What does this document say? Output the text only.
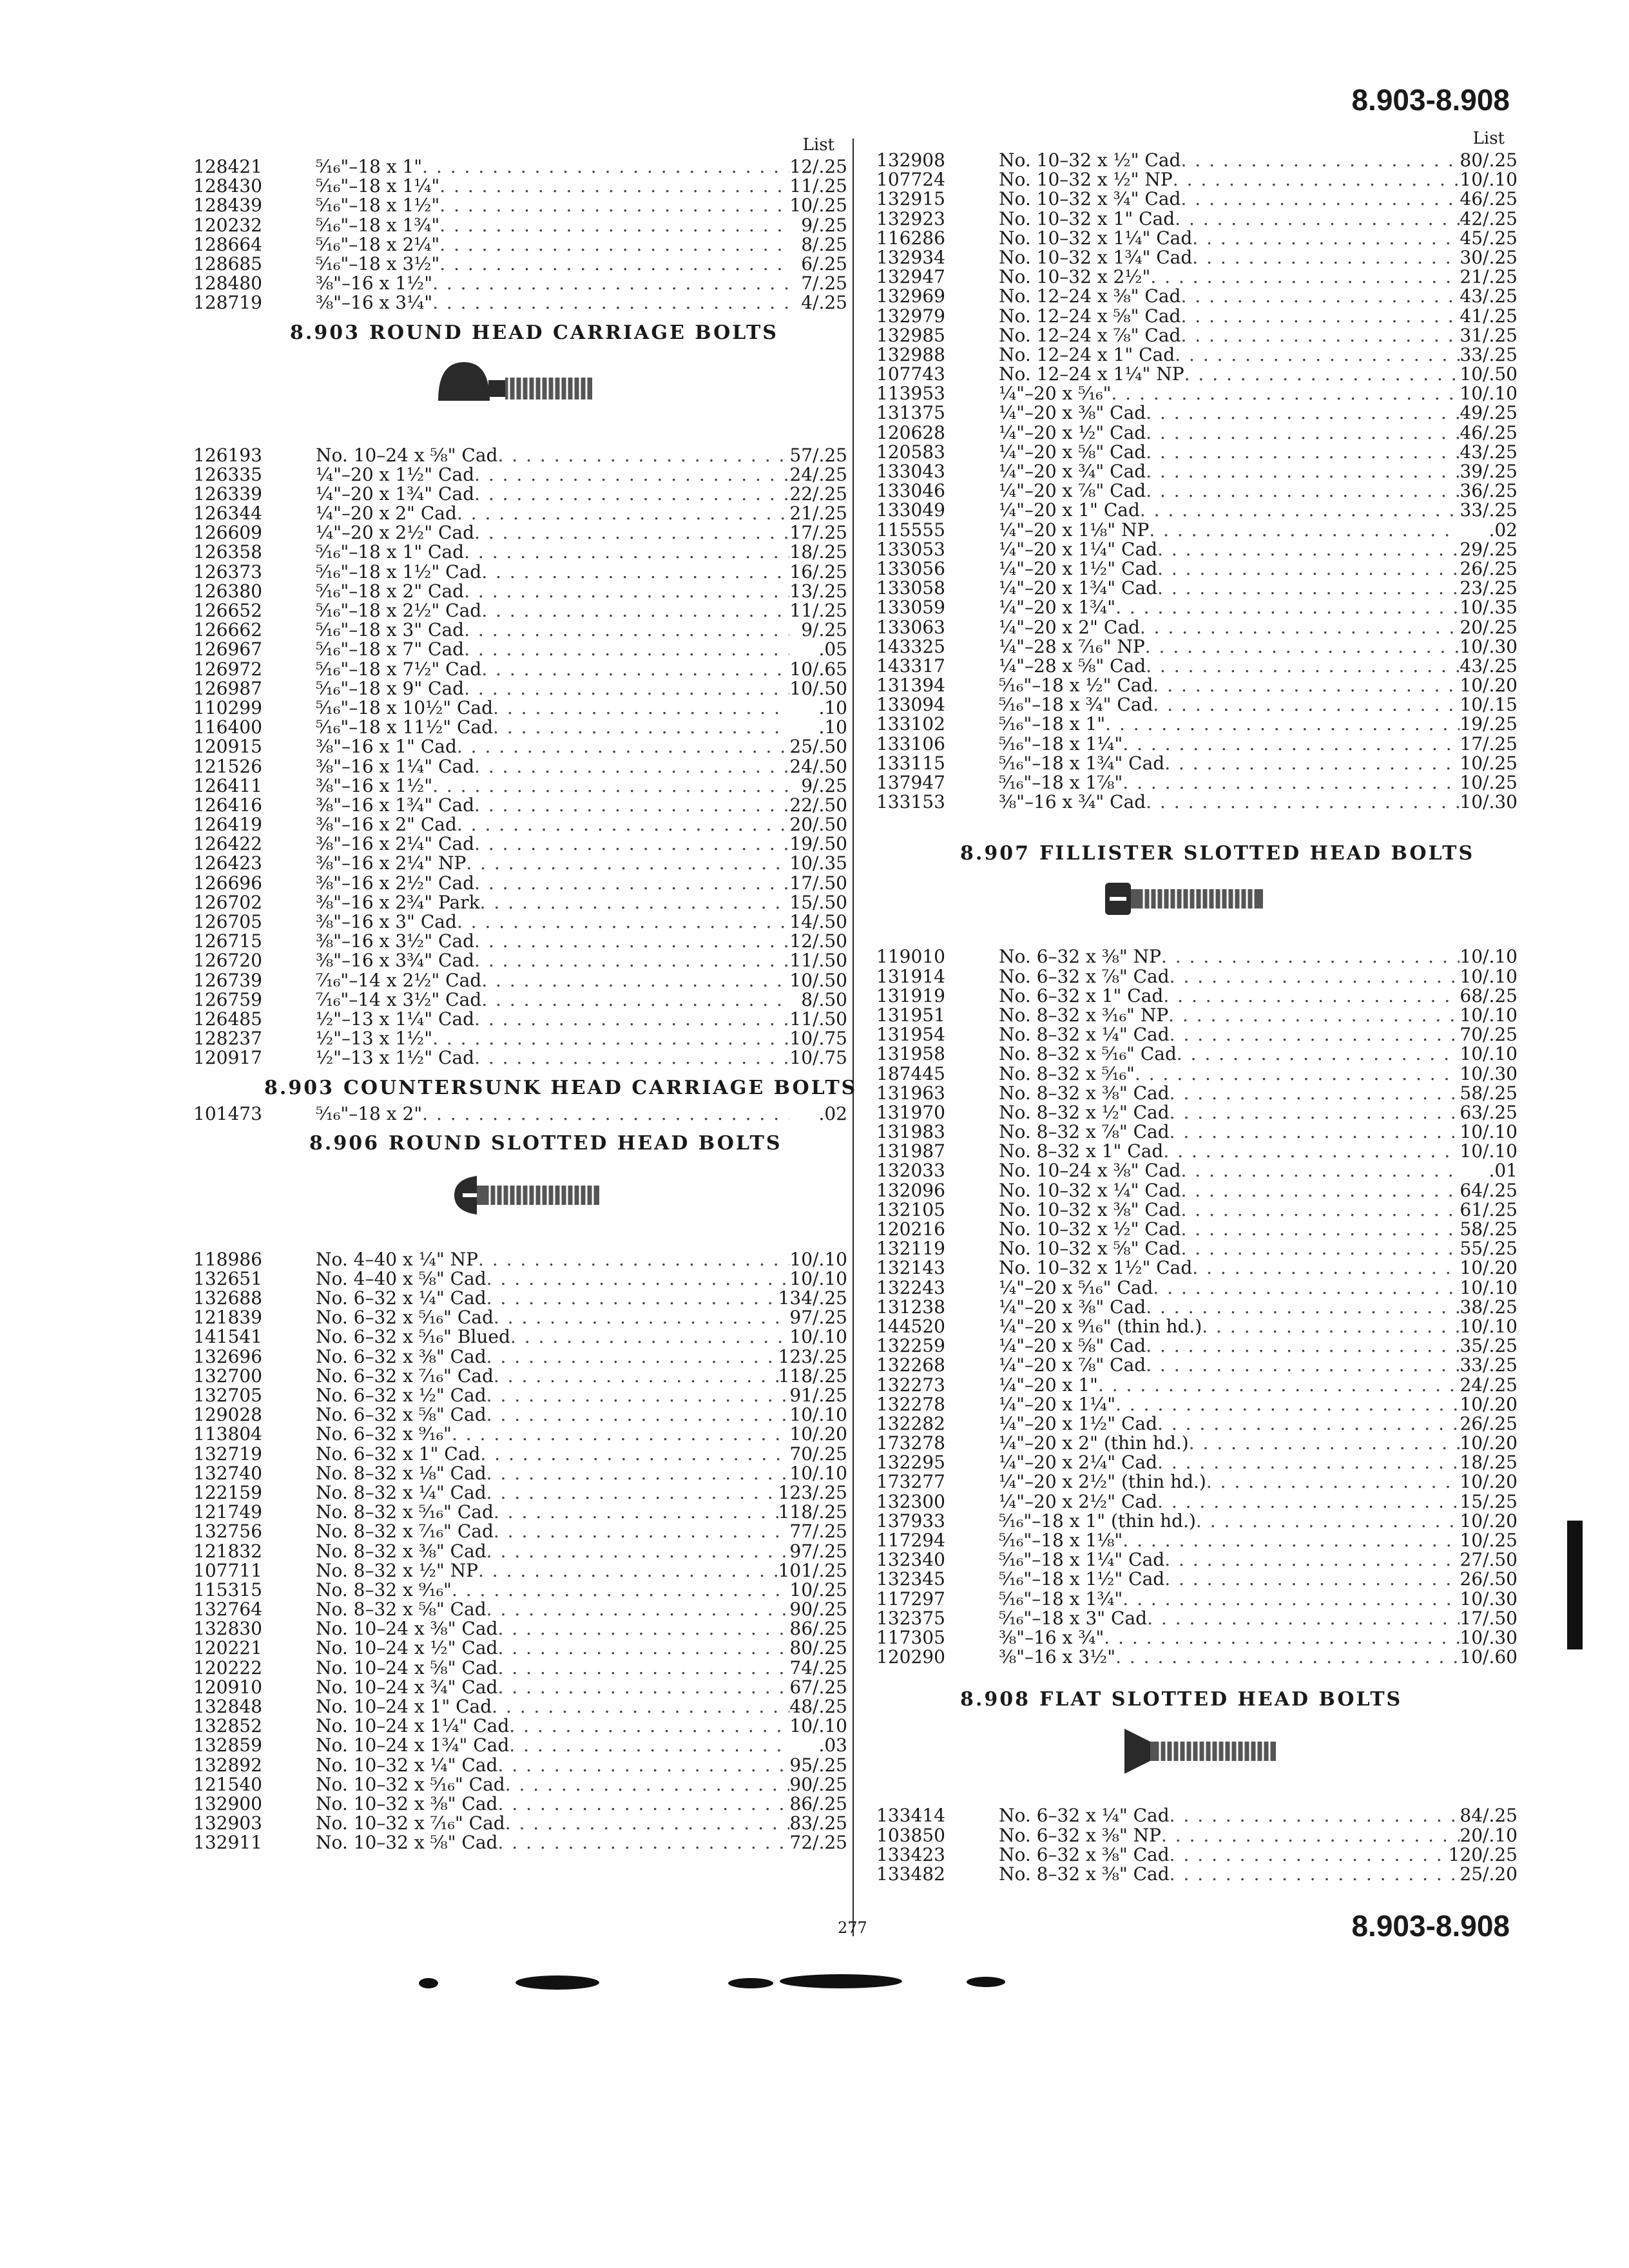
8.903-8.908
List
128421	⁵⁄₁₆"–18 x 1" . . .	12/.25
128430	⁵⁄₁₆"–18 x 1¼" . . .	11/.25
128439	⁵⁄₁₆"–18 x 1½" . . .	10/.25
120232	⁵⁄₁₆"–18 x 1¾" . . .	9/.25
128664	⁵⁄₁₆"–18 x 2¼" . . .	8/.25
128685	⁵⁄₁₆"–18 x 3½" . . .	6/.25
128480	⅜"–16 x 1½" . . .	7/.25
128719	⅜"–16 x 3¼" . . .	4/.25
8.903 ROUND HEAD CARRIAGE BOLTS
126193	No. 10–24 x ⅝" Cad . . .	57/.25
126335	¼"–20 x 1½" Cad . . .	24/.25
126339	¼"–20 x 1¾" Cad . . .	22/.25
126344	¼"–20 x 2" Cad . . .	21/.25
126609	¼"–20 x 2½" Cad . . .	17/.25
126358	⁵⁄₁₆"–18 x 1" Cad . . .	18/.25
126373	⁵⁄₁₆"–18 x 1½" Cad . . .	16/.25
126380	⁵⁄₁₆"–18 x 2" Cad . . .	13/.25
126652	⁵⁄₁₆"–18 x 2½" Cad . . .	11/.25
126662	⁵⁄₁₆"–18 x 3" Cad . . .	9/.25
126967	⁵⁄₁₆"–18 x 7" Cad . . .	.05
126972	⁵⁄₁₆"–18 x 7½" Cad . . .	10/.65
126987	⁵⁄₁₆"–18 x 9" Cad . . .	10/.50
110299	⁵⁄₁₆"–18 x 10½" Cad . . .	.10
116400	⁵⁄₁₆"–18 x 11½" Cad . . .	.10
120915	⅜"–16 x 1" Cad . . .	25/.50
121526	⅜"–16 x 1¼" Cad . . .	24/.50
126411	⅜"–16 x 1½" . . .	9/.25
126416	⅜"–16 x 1¾" Cad . . .	22/.50
126419	⅜"–16 x 2" Cad . . .	20/.50
126422	⅜"–16 x 2¼" Cad . . .	19/.50
126423	⅜"–16 x 2¼" NP . . .	10/.35
126696	⅜"–16 x 2½" Cad . . .	17/.50
126702	⅜"–16 x 2¾" Park . . .	15/.50
126705	⅜"–16 x 3" Cad . . .	14/.50
126715	⅜"–16 x 3½" Cad . . .	12/.50
126720	⅜"–16 x 3¾" Cad . . .	11/.50
126739	⁷⁄₁₆"–14 x 2½" Cad . . .	10/.50
126759	⁷⁄₁₆"–14 x 3½" Cad . . .	8/.50
126485	½"–13 x 1¼" Cad . . .	11/.50
128237	½"–13 x 1½" . . .	10/.75
120917	½"–13 x 1½" Cad . . .	10/.75
8.903 COUNTERSUNK HEAD CARRIAGE BOLTS
101473	⁵⁄₁₆"–18 x 2" . . .	.02
8.906 ROUND SLOTTED HEAD BOLTS
118986	No. 4–40 x ¼" NP . . .	10/.10
132651	No. 4–40 x ⅝" Cad . . .	10/.10
132688	No. 6–32 x ¼" Cad . . .	134/.25
121839	No. 6–32 x ⁵⁄₁₆" Cad . . .	97/.25
141541	No. 6–32 x ⁵⁄₁₆" Blued . . .	10/.10
132696	No. 6–32 x ⅜" Cad . . .	123/.25
132700	No. 6–32 x ⁷⁄₁₆" Cad . . .	118/.25
132705	No. 6–32 x ½" Cad . . .	91/.25
129028	No. 6–32 x ⅝" Cad . . .	10/.10
113804	No. 6–32 x ⁹⁄₁₆" . . .	10/.20
132719	No. 6–32 x 1" Cad . . .	70/.25
132740	No. 8–32 x ⅛" Cad . . .	10/.10
122159	No. 8–32 x ¼" Cad . . .	123/.25
121749	No. 8–32 x ⁵⁄₁₆" Cad . . .	118/.25
132756	No. 8–32 x ⁷⁄₁₆" Cad . . .	77/.25
121832	No. 8–32 x ⅜" Cad . . .	97/.25
107711	No. 8–32 x ½" NP . . .	101/.25
115315	No. 8–32 x ⁹⁄₁₆" . . .	10/.25
132764	No. 8–32 x ⅝" Cad . . .	90/.25
132830	No. 10–24 x ⅜" Cad . . .	86/.25
120221	No. 10–24 x ½" Cad . . .	80/.25
120222	No. 10–24 x ⅝" Cad . . .	74/.25
120910	No. 10–24 x ¾" Cad . . .	67/.25
132848	No. 10–24 x 1" Cad . . .	48/.25
132852	No. 10–24 x 1¼" Cad . . .	10/.10
132859	No. 10–24 x 1¾" Cad . . .	.03
132892	No. 10–32 x ¼" Cad . . .	95/.25
121540	No. 10–32 x ⁵⁄₁₆" Cad . . .	90/.25
132900	No. 10–32 x ⅜" Cad . . .	86/.25
132903	No. 10–32 x ⁷⁄₁₆" Cad . . .	83/.25
132911	No. 10–32 x ⅝" Cad . . .	72/.25
List
132908	No. 10–32 x ½" Cad . . .	80/.25
107724	No. 10–32 x ½" NP . . .	10/.10
132915	No. 10–32 x ¾" Cad . . .	46/.25
132923	No. 10–32 x 1" Cad . . .	42/.25
116286	No. 10–32 x 1¼" Cad . . .	45/.25
132934	No. 10–32 x 1¾" Cad . . .	30/.25
132947	No. 10–32 x 2½" . . .	21/.25
132969	No. 12–24 x ⅜" Cad . . .	43/.25
132979	No. 12–24 x ⅝" Cad . . .	41/.25
132985	No. 12–24 x ⅞" Cad . . .	31/.25
132988	No. 12–24 x 1" Cad . . .	33/.25
107743	No. 12–24 x 1¼" NP . . .	10/.50
113953	¼"–20 x ⁵⁄₁₆" . . .	10/.10
131375	¼"–20 x ⅜" Cad . . .	49/.25
120628	¼"–20 x ½" Cad . . .	46/.25
120583	¼"–20 x ⅝" Cad . . .	43/.25
133043	¼"–20 x ¾" Cad . . .	39/.25
133046	¼"–20 x ⅞" Cad . . .	36/.25
133049	¼"–20 x 1" Cad . . .	33/.25
115555	¼"–20 x 1⅛" NP . . .	.02
133053	¼"–20 x 1¼" Cad . . .	29/.25
133056	¼"–20 x 1½" Cad . . .	26/.25
133058	¼"–20 x 1¾" Cad . . .	23/.25
133059	¼"–20 x 1¾" . . .	10/.35
133063	¼"–20 x 2" Cad . . .	20/.25
143325	¼"–28 x ⁷⁄₁₆" NP . . .	10/.30
143317	¼"–28 x ⅝" Cad . . .	43/.25
131394	⁵⁄₁₆"–18 x ½" Cad . . .	10/.20
133094	⁵⁄₁₆"–18 x ¾" Cad . . .	10/.15
133102	⁵⁄₁₆"–18 x 1" . . .	19/.25
133106	⁵⁄₁₆"–18 x 1¼" . . .	17/.25
133115	⁵⁄₁₆"–18 x 1¾" Cad . . .	10/.25
137947	⁵⁄₁₆"–18 x 1⅞" . . .	10/.25
133153	⅜"–16 x ¾" Cad . . .	10/.30
8.907 FILLISTER SLOTTED HEAD BOLTS
119010	No. 6–32 x ⅜" NP . . .	10/.10
131914	No. 6–32 x ⅞" Cad . . .	10/.10
131919	No. 6–32 x 1" Cad . . .	68/.25
131951	No. 8–32 x ³⁄₁₆" NP . . .	10/.10
131954	No. 8–32 x ¼" Cad . . .	70/.25
131958	No. 8–32 x ⁵⁄₁₆" Cad . . .	10/.10
187445	No. 8–32 x ⁵⁄₁₆" . . .	10/.30
131963	No. 8–32 x ⅜" Cad . . .	58/.25
131970	No. 8–32 x ½" Cad . . .	63/.25
131983	No. 8–32 x ⅞" Cad . . .	10/.10
131987	No. 8–32 x 1" Cad . . .	10/.10
132033	No. 10–24 x ⅜" Cad . . .	.01
132096	No. 10–32 x ¼" Cad . . .	64/.25
132105	No. 10–32 x ⅜" Cad . . .	61/.25
120216	No. 10–32 x ½" Cad . . .	58/.25
132119	No. 10–32 x ⅝" Cad . . .	55/.25
132143	No. 10–32 x 1½" Cad . . .	10/.20
132243	¼"–20 x ⁵⁄₁₆" Cad . . .	10/.10
131238	¼"–20 x ⅜" Cad . . .	38/.25
144520	¼"–20 x ⁹⁄₁₆" (thin hd.) . . .	10/.10
132259	¼"–20 x ⅝" Cad . . .	35/.25
132268	¼"–20 x ⅞" Cad . . .	33/.25
132273	¼"–20 x 1" . . .	24/.25
132278	¼"–20 x 1¼" . . .	10/.20
132282	¼"–20 x 1½" Cad . . .	26/.25
173278	¼"–20 x 2" (thin hd.) . . .	10/.20
132295	¼"–20 x 2¼" Cad . . .	18/.25
173277	¼"–20 x 2½" (thin hd.) . . .	10/.20
132300	¼"–20 x 2½" Cad . . .	15/.25
137933	⁵⁄₁₆"–18 x 1" (thin hd.) . . .	10/.20
117294	⁵⁄₁₆"–18 x 1⅛" . . .	10/.25
132340	⁵⁄₁₆"–18 x 1¼" Cad . . .	27/.50
132345	⁵⁄₁₆"–18 x 1½" Cad . . .	26/.50
117297	⁵⁄₁₆"–18 x 1¾" . . .	10/.30
132375	⁵⁄₁₆"–18 x 3" Cad . . .	17/.50
117305	⅜"–16 x ¾" . . .	10/.30
120290	⅜"–16 x 3½" . . .	10/.60
8.908 FLAT SLOTTED HEAD BOLTS
133414	No. 6–32 x ¼" Cad . . .	84/.25
103850	No. 6–32 x ⅜" NP . . .	20/.10
133423	No. 6–32 x ⅜" Cad . . .	120/.25
133482	No. 8–32 x ⅜" Cad . . .	25/.20
277	8.903-8.908
